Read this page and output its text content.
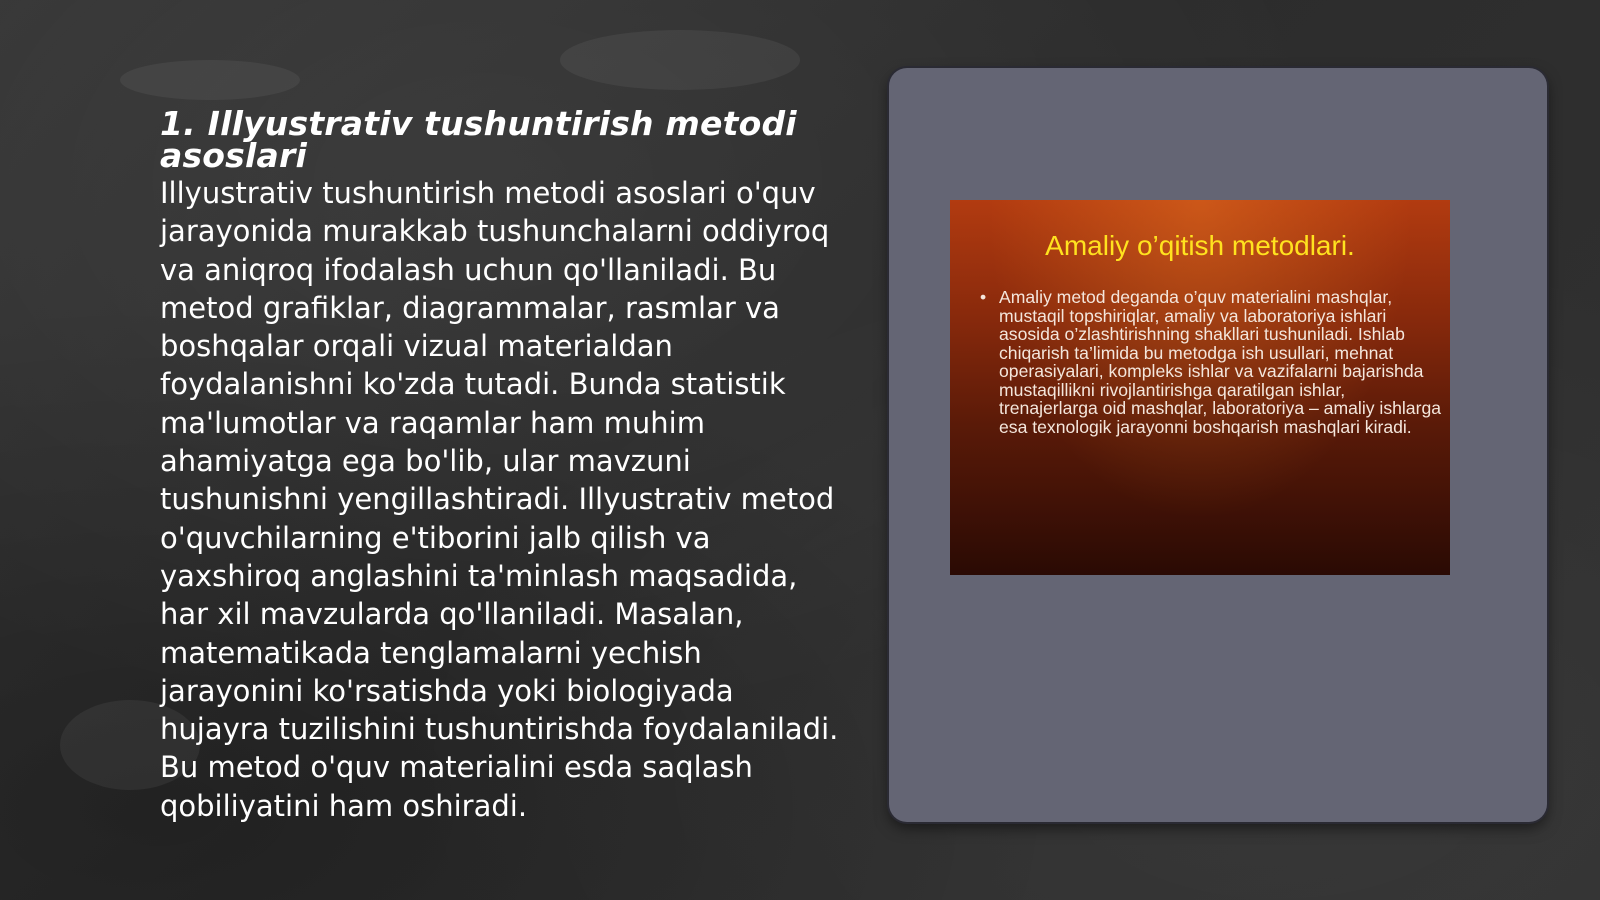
1. Illyustrativ tushuntirish metodi asoslari

Illyustrativ tushuntirish metodi asoslari o'quv jarayonida murakkab tushunchalarni oddiyroq va aniqroq ifodalash uchun qo'llaniladi. Bu metod grafiklar, diagrammalar, rasmlar va boshqalar orqali vizual materialdan foydalanishni ko'zda tutadi. Bunda statistik ma'lumotlar va raqamlar ham muhim ahamiyatga ega bo'lib, ular mavzuni tushunishni yengillashtiradi. Illyustrativ metod o'quvchilarning e'tiborini jalb qilish va yaxshiroq anglashini ta'minlash maqsadida, har xil mavzularda qo'llaniladi. Masalan, matematikada tenglamalarni yechish jarayonini ko'rsatishda yoki biologiyada hujayra tuzilishini tushuntirishda foydalaniladi. Bu metod o'quv materialini esda saqlash qobiliyatini ham oshiradi.

Amaliy o’qitish metodlari.
• Amaliy metod deganda o’quv materialini mashqlar, mustaqil topshiriqlar, amaliy va laboratoriya ishlari asosida o’zlashtirishning shakllari tushuniladi. Ishlab chiqarish ta’limida bu metodga ish usullari, mehnat operasiyalari, kompleks ishlar va vazifalarni bajarishda mustaqillikni rivojlantirishga qaratilgan ishlar, trenajerlarga oid mashqlar, laboratoriya – amaliy ishlarga esa texnologik jarayonni boshqarish mashqlari kiradi.
